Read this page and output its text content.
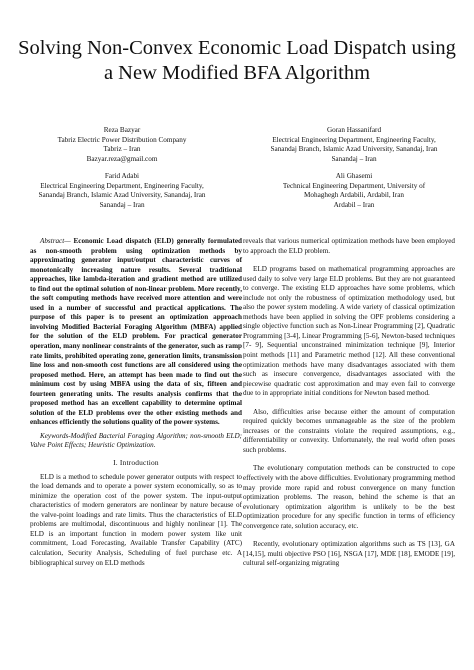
Solving Non-Convex Economic Load Dispatch using
a New Modified BFA Algorithm
Reza Bazyar
Tabriz Electric Power Distribution Company
Tabriz – Iran
Bazyar.reza@gmail.com
Goran Hassanifard
Electrical Engineering Department, Engineering Faculty,
Sanandaj Branch, Islamic Azad University, Sanandaj, Iran
Sanandaj – Iran
Farid Adabi
Electrical Engineering Department, Engineering Faculty,
Sanandaj Branch, Islamic Azad University, Sanandaj, Iran
Sanandaj – Iran
Ali Ghasemi
Technical Engineering Department, University of
Mohaghegh Ardabili, Ardabil, Iran
Ardabil – Iran

Abstract— Economic Load dispatch (ELD) generally formulated as non-smooth problem using optimization methods by approximating generator input/output characteristic curves of monotonically increasing nature results. Several traditional approaches, like lambda-iteration and gradient method are utilized to find out the optimal solution of non-linear problem. More recently, the soft computing methods have received more attention and were used in a number of successful and practical applications. The purpose of this paper is to present an optimization approach involving Modified Bacterial Foraging Algorithm (MBFA) applied for the solution of the ELD problem. For practical generator operation, many nonlinear constraints of the generator, such as ramp rate limits, prohibited operating zone, generation limits, transmission line loss and non-smooth cost functions are all considered using the proposed method. Here, an attempt has been made to find out the minimum cost by using MBFA using the data of six, fifteen and fourteen generating units. The results analysis confirms that the proposed method has an excellent capability to determine optimal solution of the ELD problems over the other existing methods and enhances efficiently the solutions quality of the power systems.

Keywords-Modified Bacterial Foraging Algorithm; non-smooth ELD; Valve Point Effects; Heuristic Optimization.

I. Introduction

ELD is a method to schedule power generator outputs with respect to the load demands and to operate a power system economically, so as to minimize the operation cost of the power system. The input-output characteristics of modern generators are nonlinear by nature because of the valve-point loadings and rate limits. Thus the characteristics of ELD problems are multimodal, discontinuous and highly nonlinear [1]. The ELD is an important function in modern power system like unit commitment, Load Forecasting, Available Transfer Capability (ATC) calculation, Security Analysis, Scheduling of fuel purchase etc. A bibliographical survey on ELD methods

reveals that various numerical optimization methods have been employed to approach the ELD problem.

ELD programs based on mathematical programming approaches are used daily to solve very large ELD problems. But they are not guaranteed to converge. The existing ELD approaches have some problems, which include not only the robustness of optimization methodology used, but also the power system modeling. A wide variety of classical optimization methods have been applied in solving the OPF problems considering a single objective function such as Non-Linear Programming [2], Quadratic Programming [3-4], Linear Programming [5-6], Newton-based techniques [7- 9], Sequential unconstrained minimization technique [9], Interior point methods [11] and Parametric method [12]. All these conventional optimization methods have many disadvantages associated with them such as insecure convergence, disadvantages associated with the piecewise quadratic cost approximation and may even fail to converge due to in appropriate initial conditions for Newton based method.

Also, difficulties arise because either the amount of computation required quickly becomes unmanageable as the size of the problem increases or the constraints violate the required assumptions, e.g., differentiability or convexity. Unfortunately, the real world often poses such problems.

The evolutionary computation methods can be constructed to cope effectively with the above difficulties. Evolutionary programming method may provide more rapid and robust convergence on many function optimization problems. The reason, behind the scheme is that an evolutionary optimization algorithm is unlikely to be the best optimization procedure for any specific function in terms of efficiency convergence rate, solution accuracy, etc.

Recently, evolutionary optimization algorithms such as TS [13], GA [14,15], multi objective PSO [16], NSGA [17], MDE [18], EMODE [19], cultural self-organizing migrating
